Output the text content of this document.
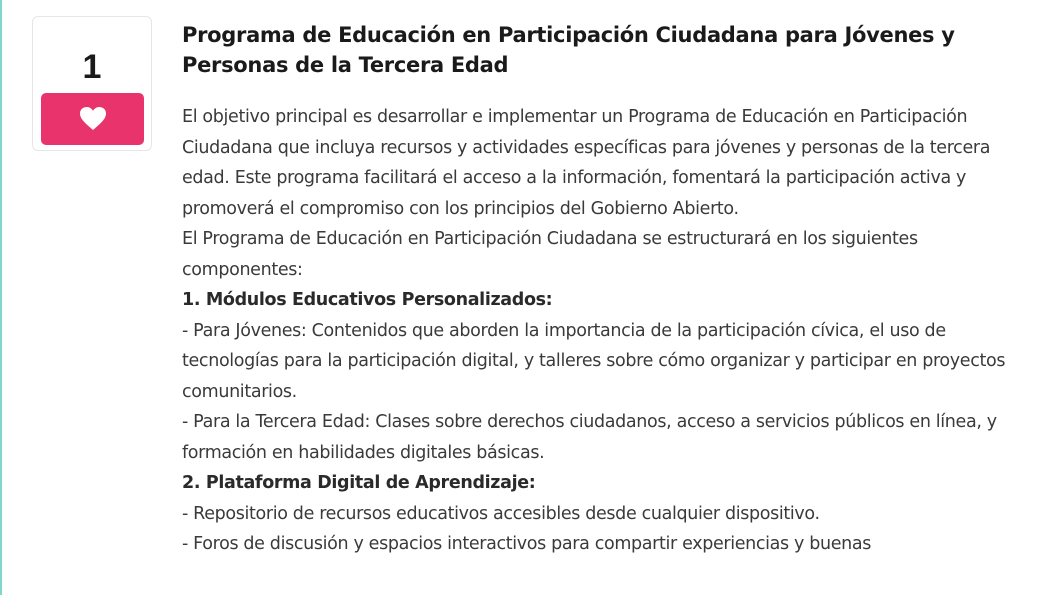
1
Programa de Educación en Participación Ciudadana para Jóvenes y Personas de la Tercera Edad

El objetivo principal es desarrollar e implementar un Programa de Educación en Participación Ciudadana que incluya recursos y actividades específicas para jóvenes y personas de la tercera edad. Este programa facilitará el acceso a la información, fomentará la participación activa y promoverá el compromiso con los principios del Gobierno Abierto.

El Programa de Educación en Participación Ciudadana se estructurará en los siguientes componentes:

1. Módulos Educativos Personalizados:

- Para Jóvenes: Contenidos que aborden la importancia de la participación cívica, el uso de tecnologías para la participación digital, y talleres sobre cómo organizar y participar en proyectos comunitarios.

- Para la Tercera Edad: Clases sobre derechos ciudadanos, acceso a servicios públicos en línea, y formación en habilidades digitales básicas.

2. Plataforma Digital de Aprendizaje:

- Repositorio de recursos educativos accesibles desde cualquier dispositivo.

- Foros de discusión y espacios interactivos para compartir experiencias y buenas
